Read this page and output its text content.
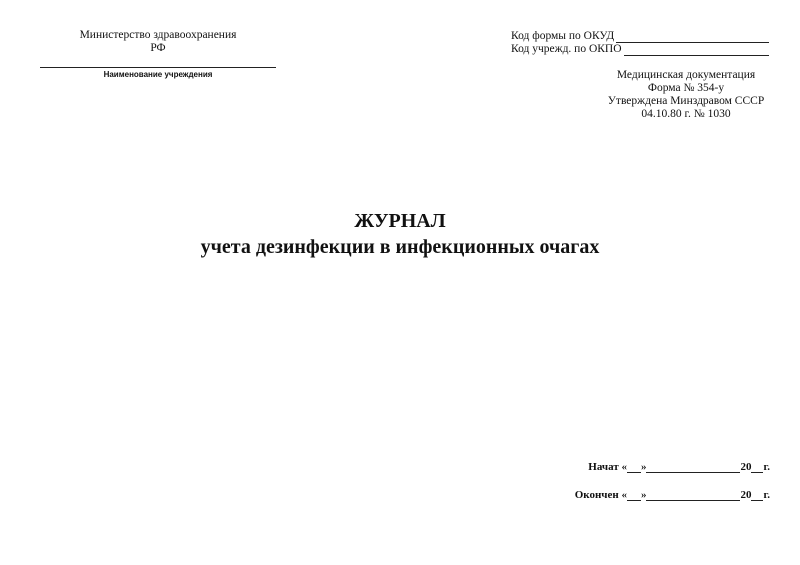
Министерство здравоохранения
РФ
Наименование учреждения
Код формы по ОКУД
Код учрежд. по ОКПО
Медицинская документация
Форма № 354-у
Утверждена Минздравом СССР
04.10.80 г. № 1030
ЖУРНАЛ
учета дезинфекции в инфекционных очагах
Начат « »	20 г.
Окончен « »	20 г.
